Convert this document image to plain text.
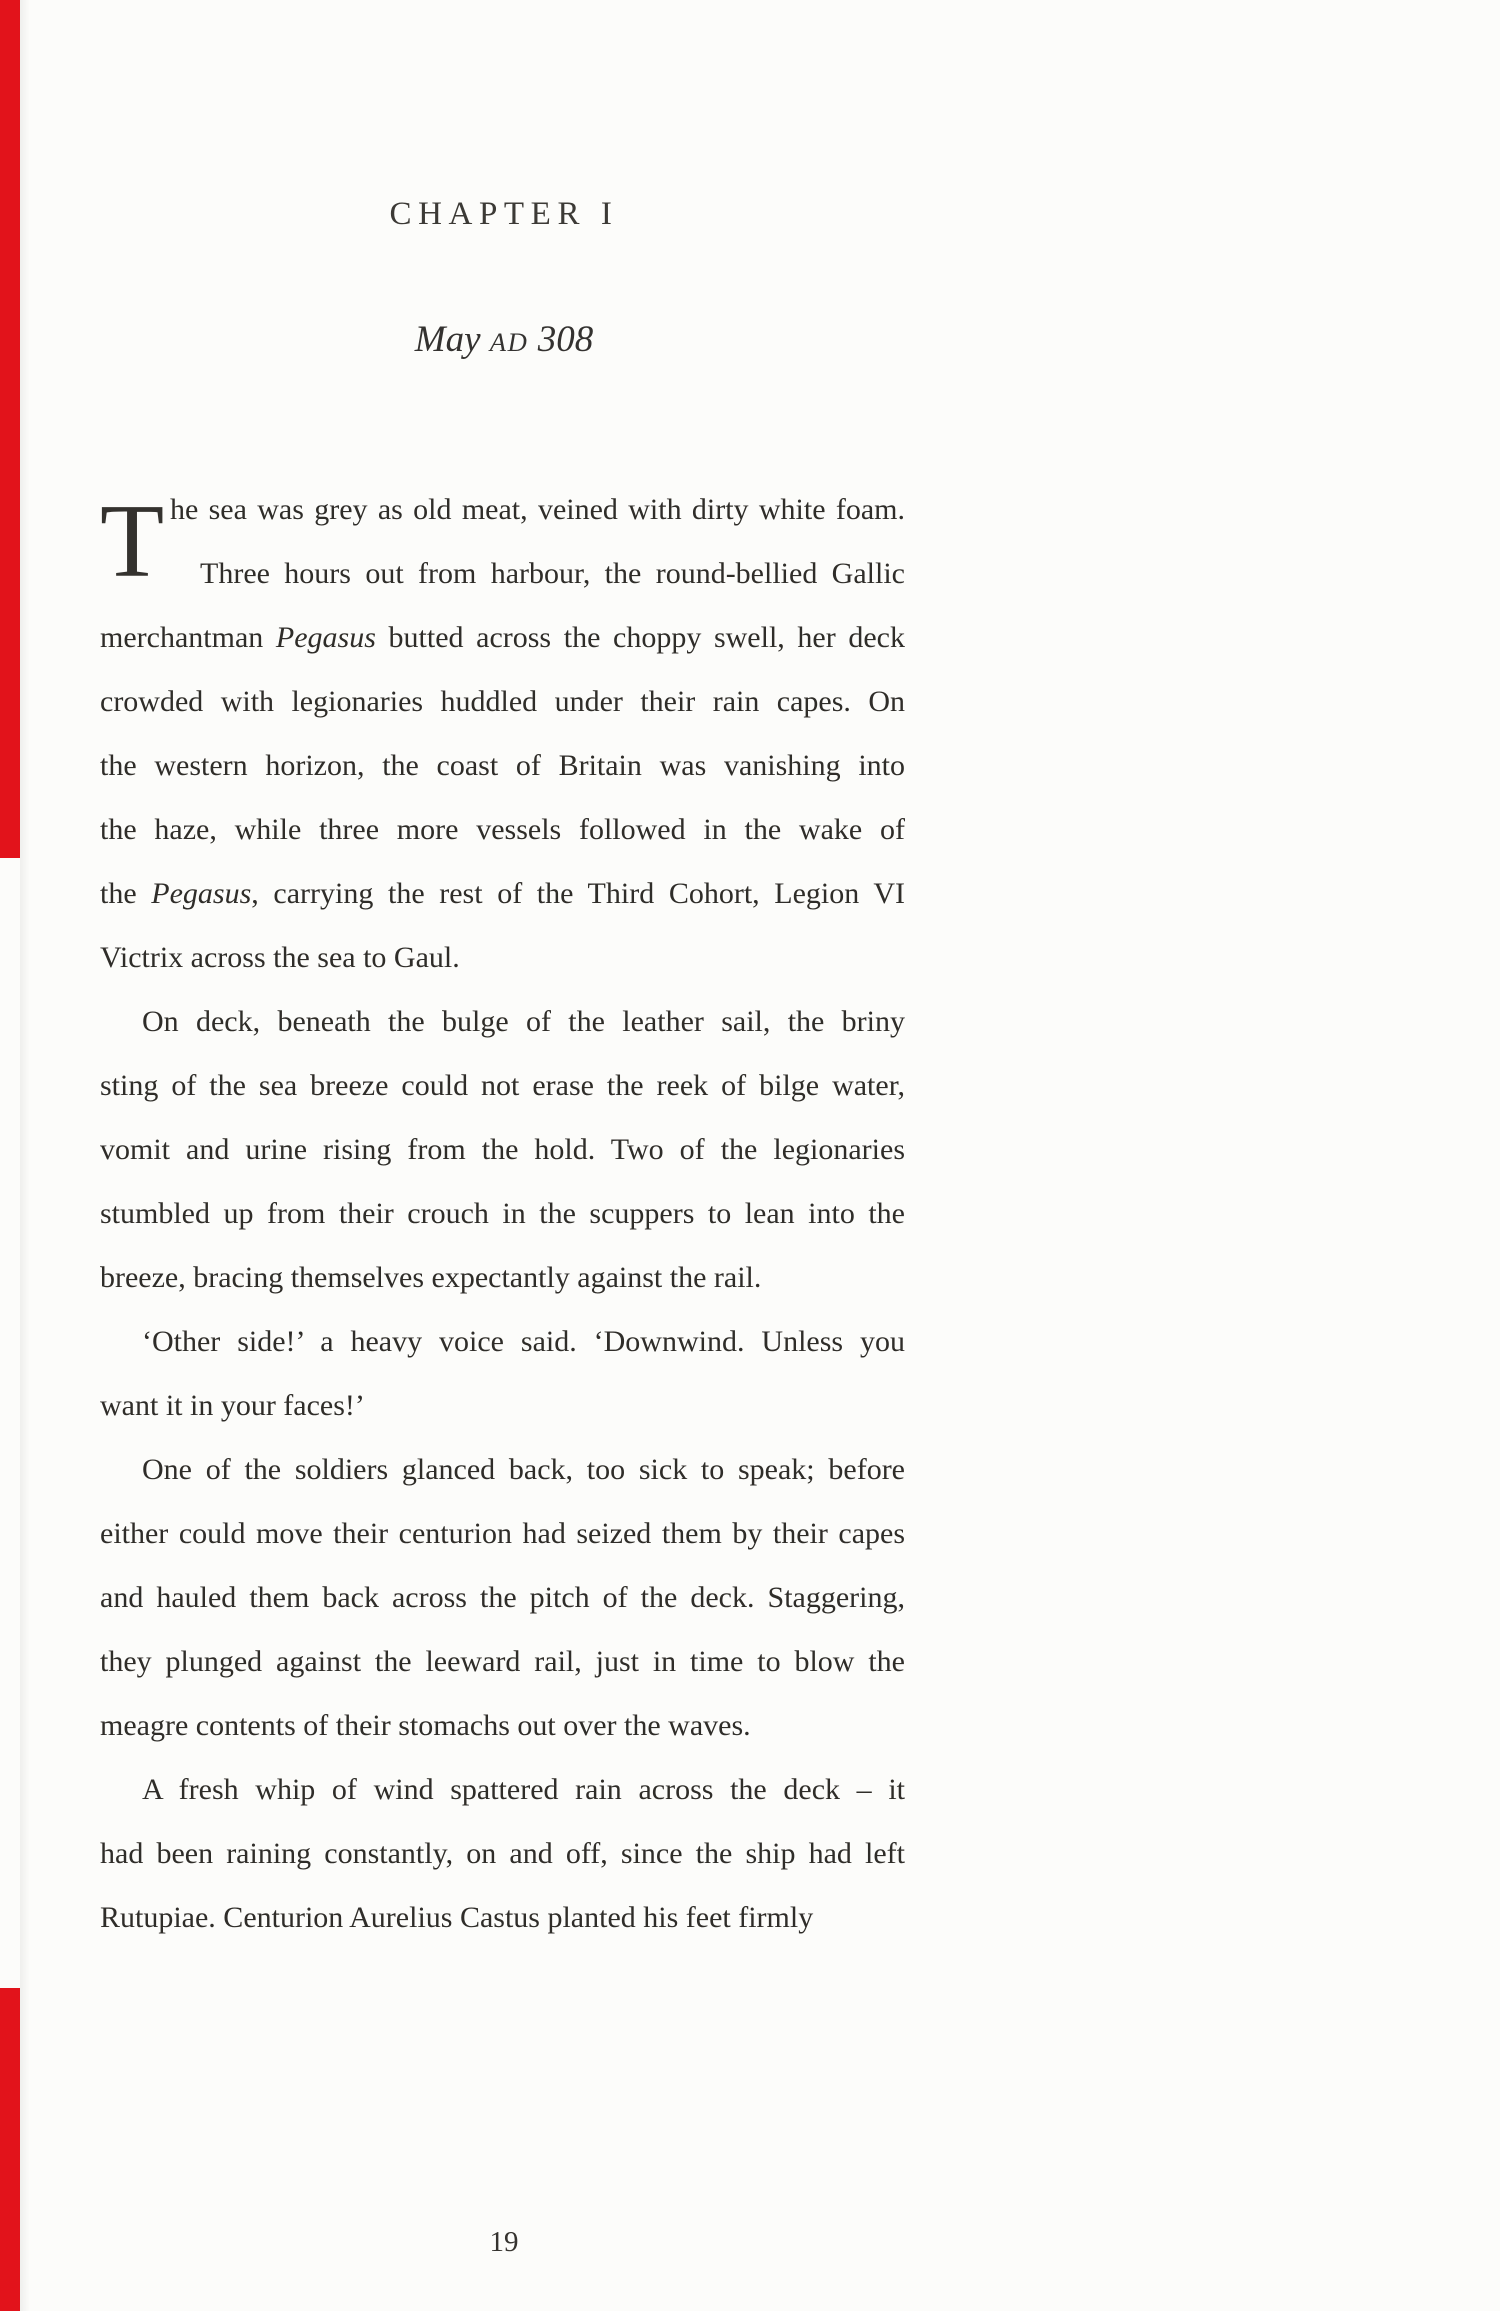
CHAPTER I
May AD 308
T he sea was grey as old meat, veined with dirty white foam.
Three hours out from harbour, the round-bellied Gallic
merchantman Pegasus butted across the choppy swell, her deck
crowded with legionaries huddled under their rain capes. On
the western horizon, the coast of Britain was vanishing into
the haze, while three more vessels followed in the wake of
the Pegasus, carrying the rest of the Third Cohort, Legion VI
Victrix across the sea to Gaul.
On deck, beneath the bulge of the leather sail, the briny
sting of the sea breeze could not erase the reek of bilge water,
vomit and urine rising from the hold. Two of the legionaries
stumbled up from their crouch in the scuppers to lean into the
breeze, bracing themselves expectantly against the rail.
‘Other side!’ a heavy voice said. ‘Downwind. Unless you
want it in your faces!’
One of the soldiers glanced back, too sick to speak; before
either could move their centurion had seized them by their capes
and hauled them back across the pitch of the deck. Staggering,
they plunged against the leeward rail, just in time to blow the
meagre contents of their stomachs out over the waves.
A fresh whip of wind spattered rain across the deck – it
had been raining constantly, on and off, since the ship had left
Rutupiae. Centurion Aurelius Castus planted his feet firmly
19
